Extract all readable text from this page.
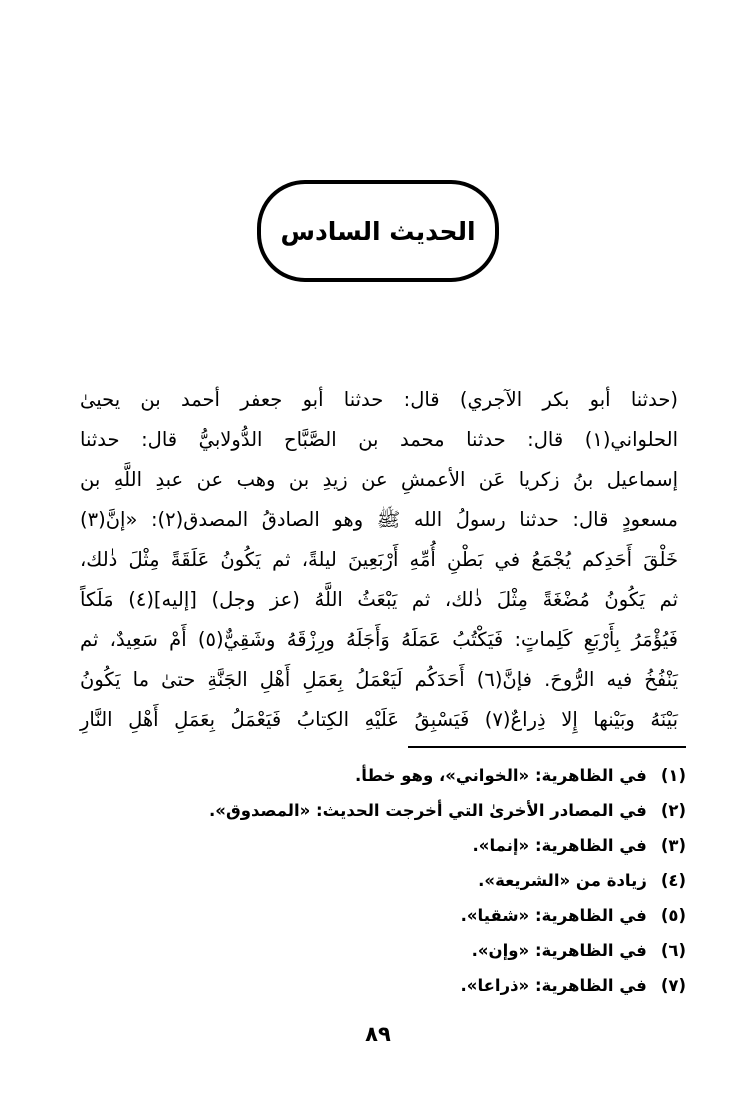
الحديث السادس
(حدثنا أبو بكر الآجري) قال: حدثنا أبو جعفر أحمد بن يحيىٰ
الحلواني(١) قال: حدثنا محمد بن الصَّبَّاح الدُّولابيُّ قال: حدثنا
إسماعيل بنُ زكريا عَن الأعمشِ عن زيدِ بن وهب عن عبدِ اللَّهِ بن
مسعودٍ قال: حدثنا رسولُ الله ﷺ وهو الصادقُ المصدق(٢): «إنَّ(٣)
خَلْقَ أَحَدِكم يُجْمَعُ في بَطْنِ أُمِّهِ أَرْبَعِينَ ليلةً، ثم يَكُونُ عَلَقَةً مِثْلَ ذٰلك،
ثم يَكُونُ مُضْغَةً مِثْلَ ذٰلك، ثم يَبْعَثُ اللَّهُ (عز وجل) [إليه](٤) مَلَكاً
فَيُؤْمَرُ بِأَرْبَعِ كَلِماتٍ: فَيَكْتُبُ عَمَلَهُ وَأَجَلَهُ ورِزْقَهُ وشَقِيٌّ(٥) أَمْ سَعِيدٌ، ثم
يَنْفُخُ فيه الرُّوحَ. فإنَّ(٦) أَحَدَكُم لَيَعْمَلُ بِعَمَلِ أَهْلِ الجَنَّةِ حتىٰ ما يَكُونُ
بَيْنَهُ وبَيْنها إِلا ذِراعٌ(٧) فَيَسْبِقُ عَلَيْهِ الكِتابُ فَيَعْمَلُ بِعَمَلِ أَهْلِ النَّارِ
(١)
في الظاهرية: «الخواني»، وهو خطأ.
(٢)
في المصادر الأخرىٰ التي أخرجت الحديث: «المصدوق».
(٣)
في الظاهرية: «إنما».
(٤)
زيادة من «الشريعة».
(٥)
في الظاهرية: «شقيا».
(٦)
في الظاهرية: «وإن».
(٧)
في الظاهرية: «ذراعا».
٨٩
